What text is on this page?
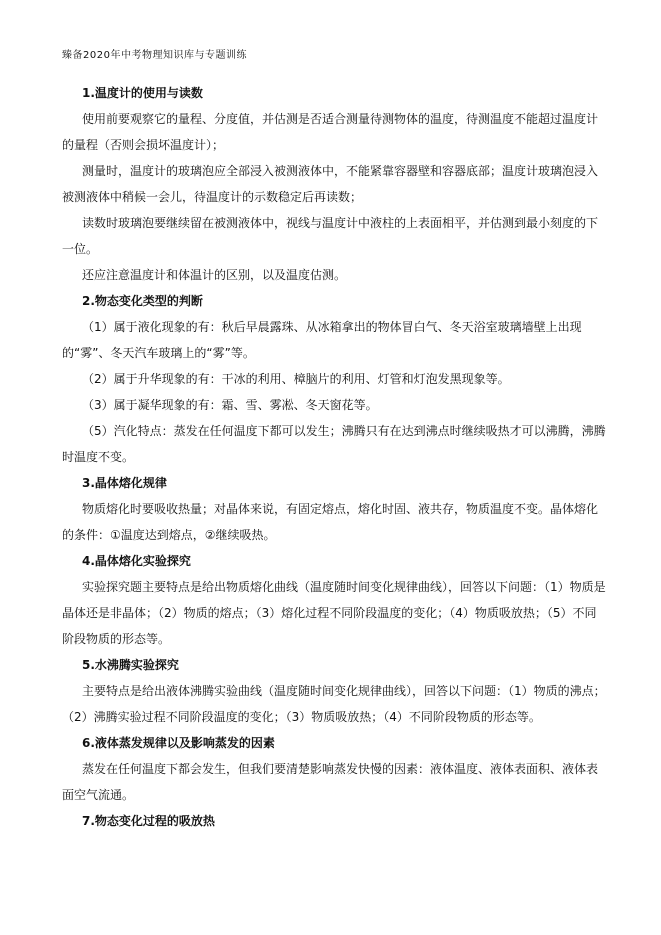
臻备2020年中考物理知识库与专题训练

1.温度计的使用与读数

使用前要观察它的量程、分度值，并估测是否适合测量待测物体的温度，待测温度不能超过温度计的量程（否则会损坏温度计）；

测量时，温度计的玻璃泡应全部浸入被测液体中，不能紧靠容器壁和容器底部；温度计玻璃泡浸入被测液体中稍候一会儿，待温度计的示数稳定后再读数；

读数时玻璃泡要继续留在被测液体中，视线与温度计中液柱的上表面相平，并估测到最小刻度的下一位。

还应注意温度计和体温计的区别，以及温度估测。

2.物态变化类型的判断

（1）属于液化现象的有：秋后早晨露珠、从冰箱拿出的物体冒白气、冬天浴室玻璃墙壁上出现的“雾”、冬天汽车玻璃上的“雾”等。

（2）属于升华现象的有：干冰的利用、樟脑片的利用、灯管和灯泡发黑现象等。

（3）属于凝华现象的有：霜、雪、雾凇、冬天窗花等。

（5）汽化特点：蒸发在任何温度下都可以发生；沸腾只有在达到沸点时继续吸热才可以沸腾，沸腾时温度不变。

3.晶体熔化规律

物质熔化时要吸收热量；对晶体来说，有固定熔点，熔化时固、液共存，物质温度不变。晶体熔化的条件：①温度达到熔点，②继续吸热。

4.晶体熔化实验探究

实验探究题主要特点是给出物质熔化曲线（温度随时间变化规律曲线），回答以下问题：（1）物质是晶体还是非晶体；（2）物质的熔点；（3）熔化过程不同阶段温度的变化；（4）物质吸放热；（5）不同阶段物质的形态等。

5.水沸腾实验探究

主要特点是给出液体沸腾实验曲线（温度随时间变化规律曲线），回答以下问题：（1）物质的沸点；（2）沸腾实验过程不同阶段温度的变化；（3）物质吸放热；（4）不同阶段物质的形态等。

6.液体蒸发规律以及影响蒸发的因素

蒸发在任何温度下都会发生，但我们要清楚影响蒸发快慢的因素：液体温度、液体表面积、液体表面空气流通。

7.物态变化过程的吸放热
